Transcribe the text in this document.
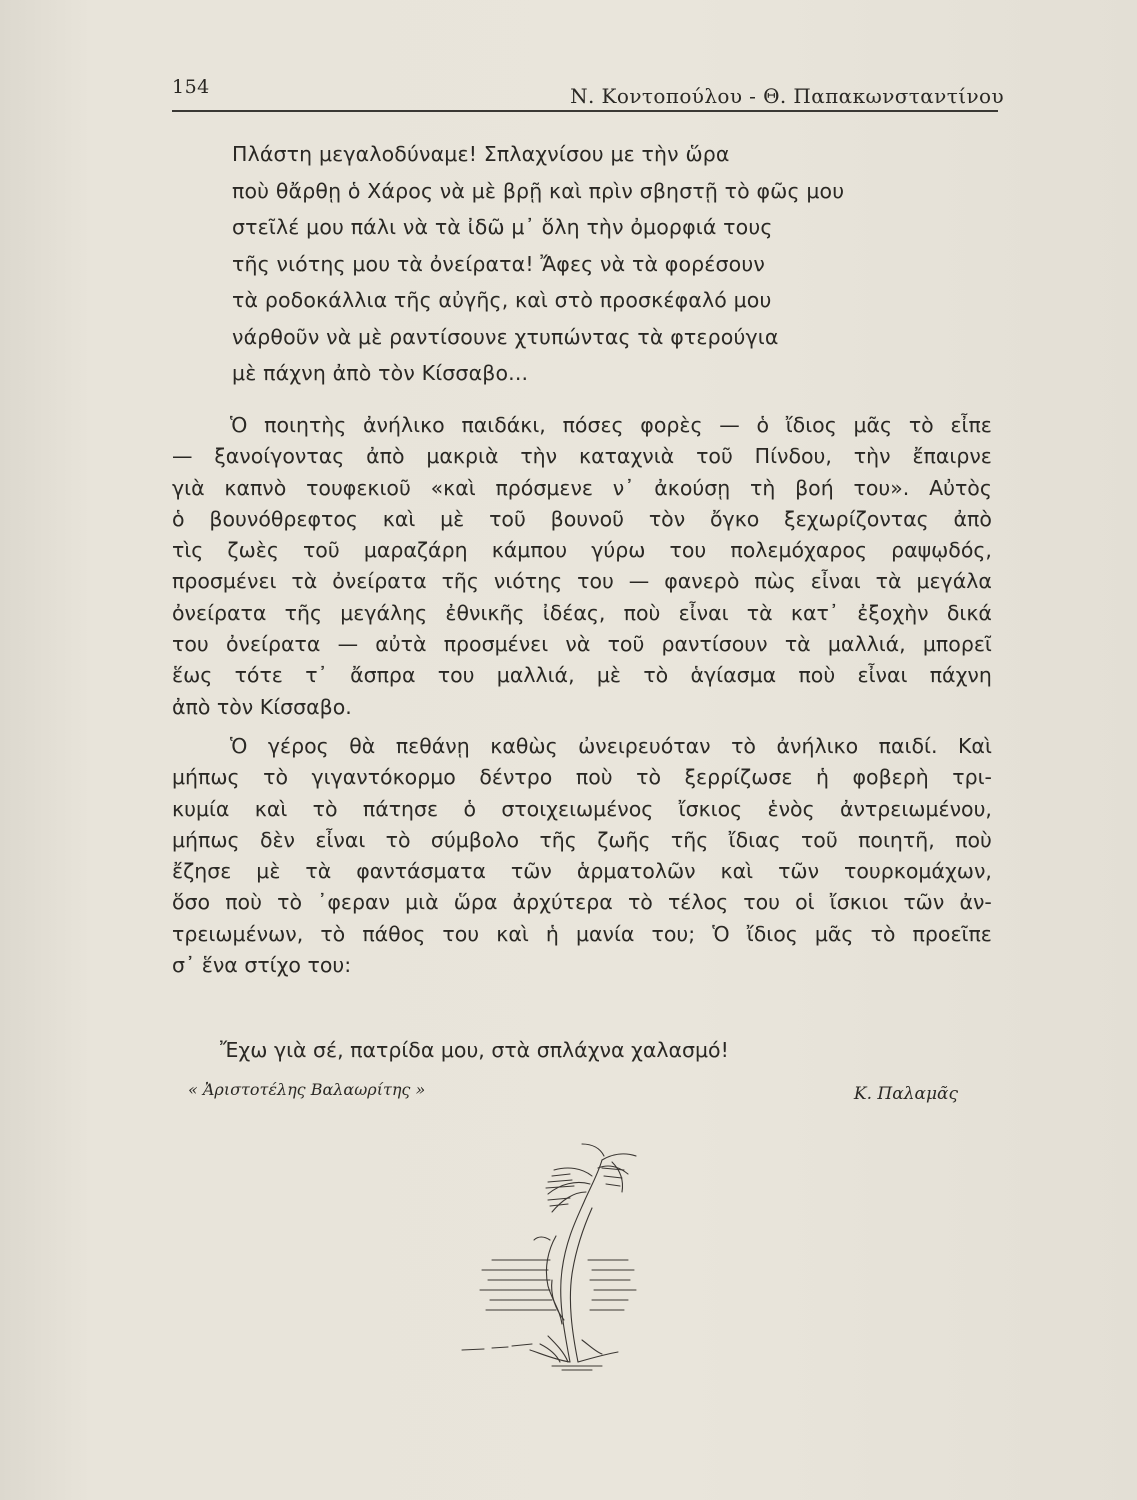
154	Ν. Κοντοπούλου - Θ. Παπακωνσταντίνου
Πλάστη μεγαλοδύναμε! Σπλαχνίσου με τὴν ὥρα
ποὺ θἄρθῃ ὁ Χάρος νὰ μὲ βρῇ καὶ πρὶν σβηστῇ τὸ φῶς μου
στεῖλέ μου πάλι νὰ τὰ ἰδῶ μ᾽ ὅλη τὴν ὀμορφιά τους
τῆς νιότης μου τὰ ὀνείρατα! Ἄφες νὰ τὰ φορέσουν
τὰ ροδοκάλλια τῆς αὐγῆς, καὶ στὸ προσκέφαλό μου
νάρθοῦν νὰ μὲ ραντίσουνε χτυπώντας τὰ φτερούγια
μὲ πάχνη ἀπὸ τὸν Κίσσαβο...
Ὁ ποιητὴς ἀνήλικο παιδάκι, πόσες φορὲς — ὁ ἴδιος μᾶς τὸ εἶπε
— ξανοίγοντας ἀπὸ μακριὰ τὴν καταχνιὰ τοῦ Πίνδου, τὴν ἔπαιρνε
γιὰ καπνὸ τουφεκιοῦ «καὶ πρόσμενε ν᾽ ἀκούσῃ τὴ βοή του». Αὐτὸς
ὁ βουνόθρεφτος καὶ μὲ τοῦ βουνοῦ τὸν ὄγκο ξεχωρίζοντας ἀπὸ
τὶς ζωὲς τοῦ μαραζάρη κάμπου γύρω του πολεμόχαρος ραψῳδός,
προσμένει τὰ ὀνείρατα τῆς νιότης του — φανερὸ πὼς εἶναι τὰ μεγάλα
ὀνείρατα τῆς μεγάλης ἐθνικῆς ἰδέας, ποὺ εἶναι τὰ κατ᾽ ἐξοχὴν δικά
του ὀνείρατα — αὐτὰ προσμένει νὰ τοῦ ραντίσουν τὰ μαλλιά, μπορεῖ
ἕως τότε τ᾽ ἄσπρα του μαλλιά, μὲ τὸ ἁγίασμα ποὺ εἶναι πάχνη
ἀπὸ τὸν Κίσσαβο.
Ὁ γέρος θὰ πεθάνῃ καθὼς ὠνειρευόταν τὸ ἀνήλικο παιδί. Καὶ
μήπως τὸ γιγαντόκορμο δέντρο ποὺ τὸ ξερρίζωσε ἡ φοβερὴ τρι-
κυμία καὶ τὸ πάτησε ὁ στοιχειωμένος ἴσκιος ἑνὸς ἀντρειωμένου,
μήπως δὲν εἶναι τὸ σύμβολο τῆς ζωῆς τῆς ἴδιας τοῦ ποιητῆ, ποὺ
ἔζησε μὲ τὰ φαντάσματα τῶν ἁρματολῶν καὶ τῶν τουρκομάχων,
ὅσο ποὺ τὸ ᾽φεραν μιὰ ὥρα ἀρχύτερα τὸ τέλος του οἱ ἴσκιοι τῶν ἀν-
τρειωμένων, τὸ πάθος του καὶ ἡ μανία του; Ὁ ἴδιος μᾶς τὸ προεῖπε
σ᾽ ἕνα στίχο του:
Ἔχω γιὰ σέ, πατρίδα μου, στὰ σπλάχνα χαλασμό!
« Ἀριστοτέλης Βαλαωρίτης »	Κ. Παλαμᾶς
